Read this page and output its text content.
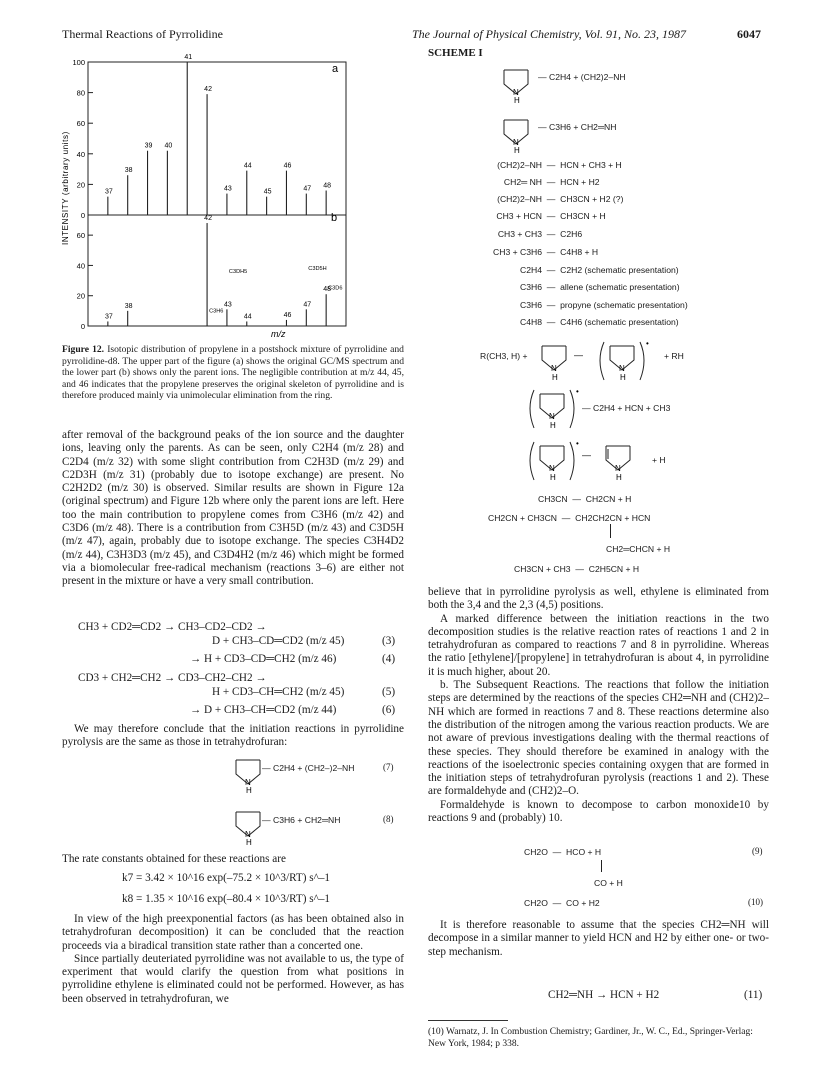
Thermal Reactions of Pyrrolidine	The Journal of Physical Chemistry, Vol. 91, No. 23, 1987	6047
0
20
40
60
80
100
37
38
39 40
41
42
43
44
45
46
47 48
0
20
40
60
37
38
42
43
44	46
47
48
C3H6
C3DH5
C3D5H
C3D6
INTENSITY (arbitrary units)
m/z
a
b
Figure 12. Isotopic distribution of propylene in a postshock mixture of pyrrolidine and pyrrolidine-d8. The upper part of the figure (a) shows the original GC/MS spectrum and the lower part (b) shows only the parent ions. The negligible contribution at m/z 44, 45, and 46 indicates that the propylene preserves the original skeleton of pyrrolidine and is therefore produced mainly via unimolecular elimination from the ring.

after removal of the background peaks of the ion source and the daughter ions, leaving only the parents. As can be seen, only C2H4 (m/z 28) and C2D4 (m/z 32) with some slight contribution from C2H3D (m/z 29) and C2D3H (m/z 31) (probably due to isotope exchange) are present. No C2H2D2 (m/z 30) is observed. Similar results are shown in Figure 12a (original spectrum) and Figure 12b where only the parent ions are left. Here too the main contribution to propylene comes from C3H6 (m/z 42) and C3D6 (m/z 48). There is a contribution from C3H5D (m/z 43) and C3D5H (m/z 47), again, probably due to isotope exchange. The species C3H4D2 (m/z 44), C3H3D3 (m/z 45), and C3D4H2 (m/z 46) which might be formed via a biomolecular free-radical mechanism (reactions 3–6) are either not present in the mixture or have a very small contribution.

CH3 + CD2═CD2 → CH3–CD2–CD2 →
D + CH3–CD═CD2 (m/z 45)	(3)
→ H + CD3–CD═CH2 (m/z 46)	(4)
CD3 + CH2═CH2 → CD3–CH2–CH2 →
H + CD3–CH═CH2 (m/z 45)	(5)
→ D + CH3–CH═CD2 (m/z 44)	(6)

We may therefore conclude that the initiation reactions in pyrrolidine pyrolysis are the same as those in tetrahydrofuran:

N
H
— C2H4 + (CH2–)2–NH	(7)
N
H
— C3H6 + CH2═NH	(8)

The rate constants obtained for these reactions are

k7 = 3.42 × 10^16 exp(–75.2 × 10^3/RT) s^–1
k8 = 1.35 × 10^16 exp(–80.4 × 10^3/RT) s^–1

In view of the high preexponential factors (as has been obtained also in tetrahydrofuran decomposition) it can be concluded that the reaction proceeds via a biradical transition state rather than a concerted one.

Since partially deuteriated pyrrolidine was not available to us, the type of experiment that would clarify the question from what positions in pyrrolidine ethylene is eliminated could not be performed. However, as has been observed in tetrahydrofuran, we

SCHEME I
N
H
— C2H4 + (CH2)2–NH
N
H
— C3H6 + CH2═NH
(CH2)2–NH  —  HCN + CH3 + H
CH2═ NH  —  HCN + H2
(CH2)2–NH  —  CH3CN + H2 (?)
CH3 + HCN  —  CH3CN + H
CH3 + CH3  —  C2H6
CH3 + C3H6  —  C4H8 + H
C2H4  —  C2H2 (schematic presentation)
C3H6  —  allene (schematic presentation)
C3H6  —  propyne (schematic presentation)
C4H8  —  C4H6 (schematic presentation)
R(CH3, H) +
N
H
—
N
H
•
+ RH
N
H
•
— C2H4 + HCN + CH3
N
H
•
—
N
H
+ H
CH3CN  —  CH2CN + H
CH2CN + CH3CN  —  CH2CH2CN + HCN
CH2═CHCN + H
CH3CN + CH3  —  C2H5CN + H

believe that in pyrrolidine pyrolysis as well, ethylene is eliminated from both the 3,4 and the 2,3 (4,5) positions.

A marked difference between the initiation reactions in the two decomposition studies is the relative reaction rates of reactions 1 and 2 in tetrahydrofuran as compared to reactions 7 and 8 in pyrrolidine. Whereas the ratio [ethylene]/[propylene] in tetrahydrofuran is about 4, in pyrrolidine it is much higher, about 20.

b. The Subsequent Reactions. The reactions that follow the initiation steps are determined by the reactions of the species CH2═NH and (CH2)2–NH which are formed in reactions 7 and 8. These reactions determine also the distribution of the nitrogen among the various reaction products. We are not aware of previous investigations dealing with the thermal reactions of these species. They should therefore be examined in analogy with the reactions of the isoelectronic species containing oxygen that are formed in the initiation steps of tetrahydrofuran pyrolysis (reactions 1 and 2). These are formaldehyde and (CH2)2–O.

Formaldehyde is known to decompose to carbon monoxide10 by reactions 9 and (probably) 10.

CH2O  —  HCO + H	(9)
CO + H
CH2O  —  CO + H2	(10)

It is therefore reasonable to assume that the species CH2═NH will decompose in a similar manner to yield HCN and H2 by either one- or two-step mechanism.

CH2═NH → HCN + H2	(11)
(10) Warnatz, J. In Combustion Chemistry; Gardiner, Jr., W. C., Ed., Springer-Verlag: New York, 1984; p 338.
